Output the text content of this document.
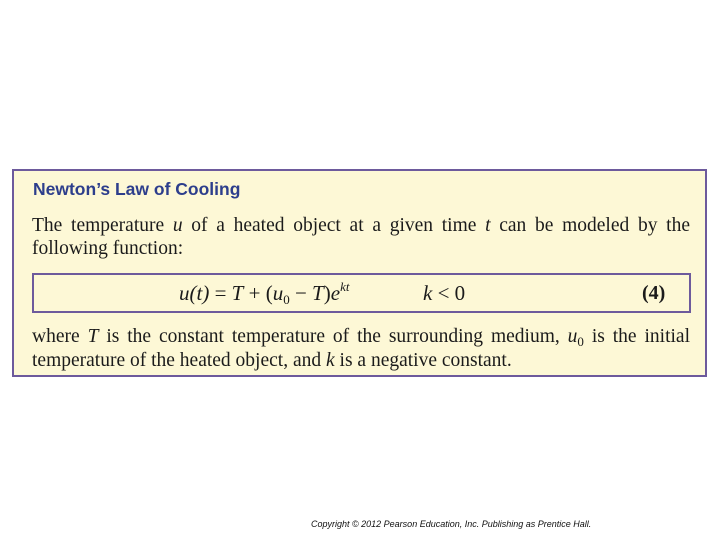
Newton’s Law of Cooling
The temperature u of a heated object at a given time t can be modeled by the following function:
$u(t) = T + (u0 - T)e^{kt}$	k < 0	(4)
where T is the constant temperature of the surrounding medium, $u_0$ is the initial temperature of the heated object, and k is a negative constant.
Copyright © 2012 Pearson Education, Inc. Publishing as Prentice Hall.
